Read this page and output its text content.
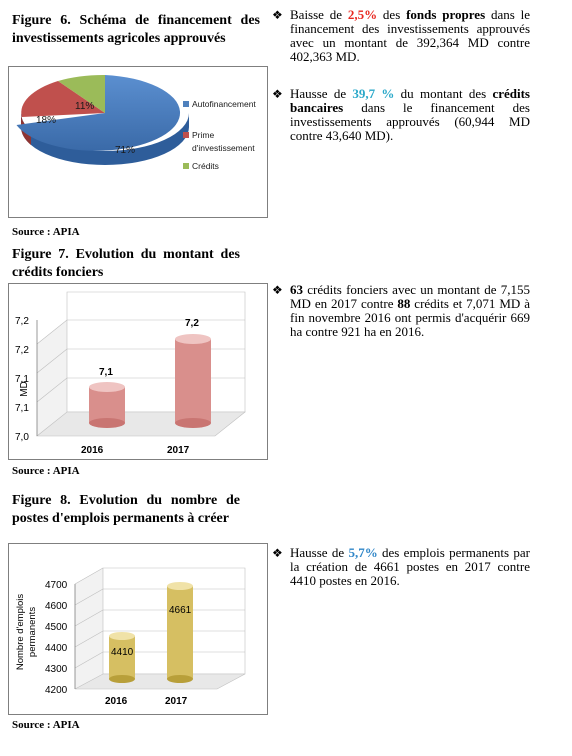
Figure 6. Schéma de financement des investissements agricoles approuvés
71%
18%
11%	Autofinancement
Prime
d'investissement
Crédits
Source : APIA
Figure 7. Evolution du montant des crédits fonciers
7,2
7,2
7,1
7,1
7,0
MD
7,1
7,2
2016	2017
Source : APIA
Figure 8. Evolution du nombre de postes d'emplois permanents à créer
4700
4600
4500
4400
4300
4200
Nombre d'emplois permanents	4410
4661
2016	2017
Source : APIA
❖ Baisse de 2,5% des fonds propres dans le financement des investissements approuvés avec un montant de 392,364 MD contre 402,363 MD.
❖ Hausse de 39,7 % du montant des crédits bancaires dans le financement des investissements approuvés (60,944 MD contre 43,640 MD).
❖ 63 crédits fonciers avec un montant de 7,155 MD en 2017 contre 88 crédits et 7,071 MD à fin novembre 2016 ont permis d'acquérir 669 ha contre 921 ha en 2016.
❖ Hausse de 5,7% des emplois permanents par la création de 4661 postes en 2017 contre 4410 postes en 2016.
